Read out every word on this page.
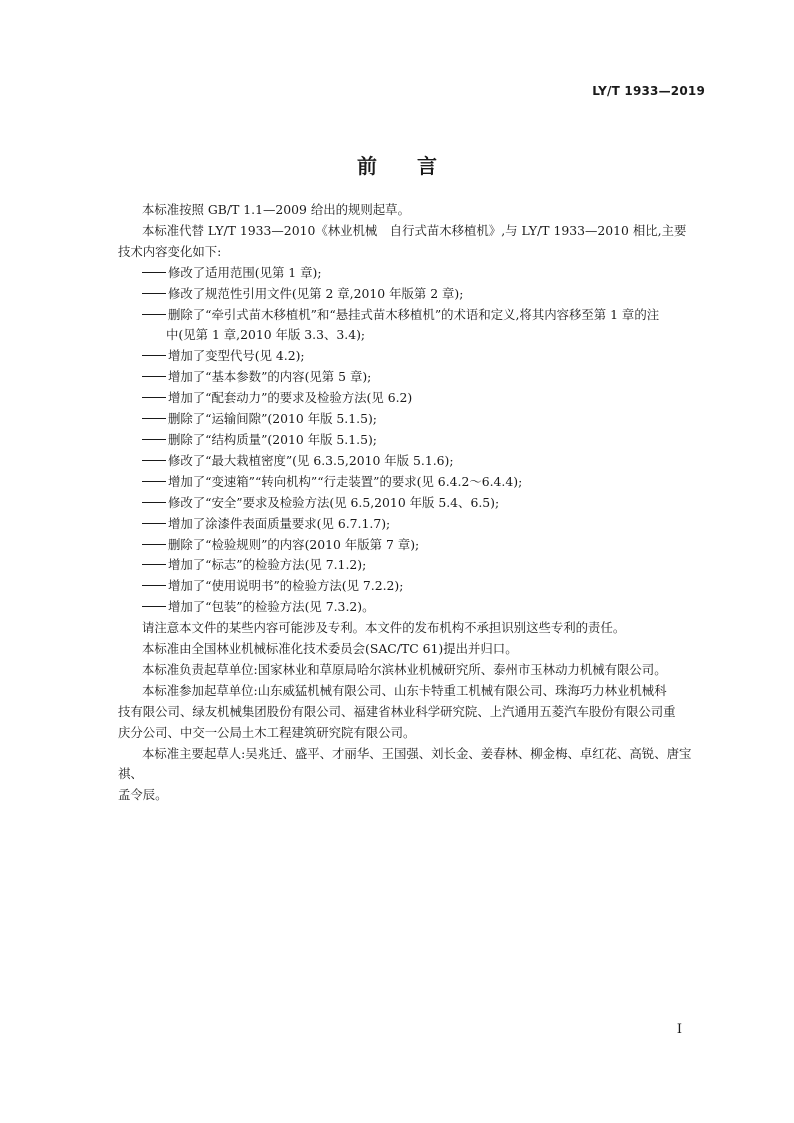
LY/T 1933—2019
前言

本标准按照 GB/T 1.1—2009 给出的规则起草。

本标准代替 LY/T 1933—2010《林业机械　自行式苗木移植机》,与 LY/T 1933—2010 相比,主要

技术内容变化如下:

修改了适用范围(见第 1 章);
修改了规范性引用文件(见第 2 章,2010 年版第 2 章);
删除了“牵引式苗木移植机”和“悬挂式苗木移植机”的术语和定义,将其内容移至第 1 章的注
中(见第 1 章,2010 年版 3.3、3.4);
增加了变型代号(见 4.2);
增加了“基本参数”的内容(见第 5 章);
增加了“配套动力”的要求及检验方法(见 6.2)
删除了“运输间隙”(2010 年版 5.1.5);
删除了“结构质量”(2010 年版 5.1.5);
修改了“最大栽植密度”(见 6.3.5,2010 年版 5.1.6);
增加了“变速箱”“转向机构”“行走装置”的要求(见 6.4.2～6.4.4);
修改了“安全”要求及检验方法(见 6.5,2010 年版 5.4、6.5);
增加了涂漆件表面质量要求(见 6.7.1.7);
删除了“检验规则”的内容(2010 年版第 7 章);
增加了“标志”的检验方法(见 7.1.2);
增加了“使用说明书”的检验方法(见 7.2.2);
增加了“包装”的检验方法(见 7.3.2)。

请注意本文件的某些内容可能涉及专利。本文件的发布机构不承担识别这些专利的责任。

本标准由全国林业机械标准化技术委员会(SAC/TC 61)提出并归口。

本标准负责起草单位:国家林业和草原局哈尔滨林业机械研究所、泰州市玉林动力机械有限公司。

本标准参加起草单位:山东威猛机械有限公司、山东卡特重工机械有限公司、珠海巧力林业机械科

技有限公司、绿友机械集团股份有限公司、福建省林业科学研究院、上汽通用五菱汽车股份有限公司重

庆分公司、中交一公局土木工程建筑研究院有限公司。

本标准主要起草人:吴兆迁、盛平、才丽华、王国强、刘长金、姜春林、柳金梅、卓红花、高锐、唐宝祺、

孟令辰。

I
